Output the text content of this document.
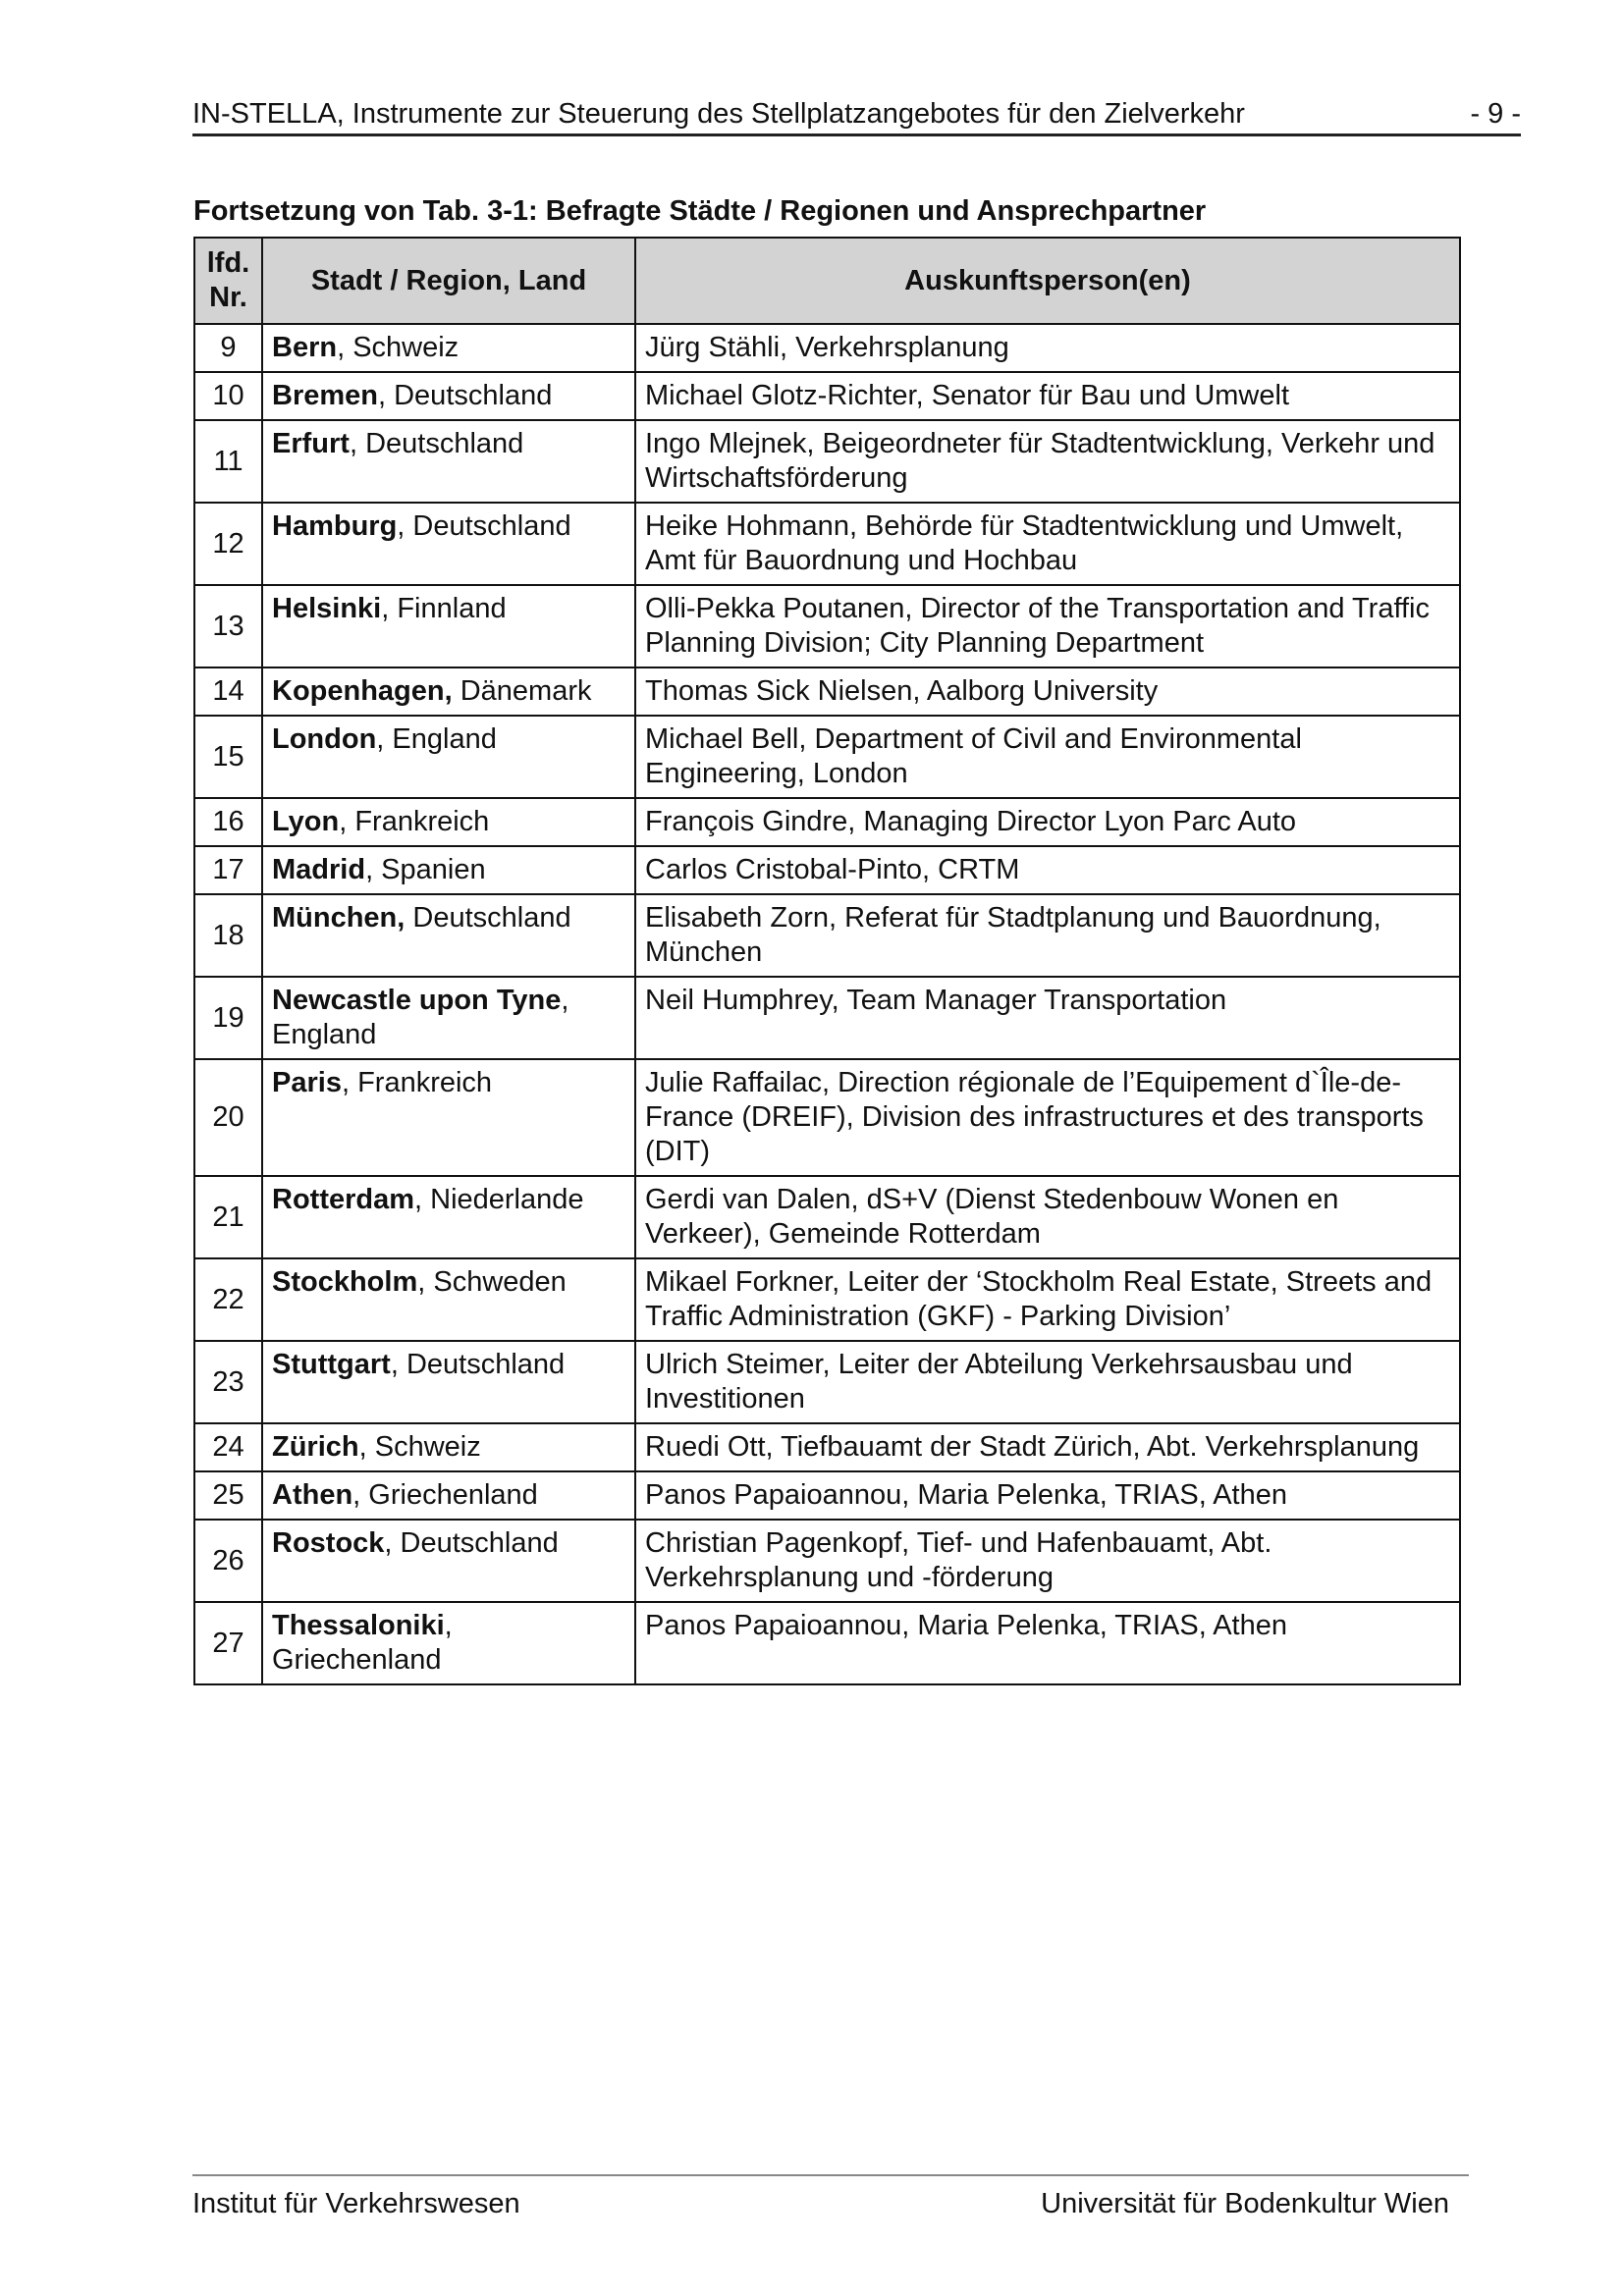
IN-STELLA, Instrumente zur Steuerung des Stellplatzangebotes für den Zielverkehr	- 9 -
Fortsetzung von Tab. 3-1: Befragte Städte / Regionen und Ansprechpartner
lfd.
Nr.	Stadt / Region, Land	Auskunftsperson(en)
9	Bern, Schweiz	Jürg Stähli, Verkehrsplanung
10	Bremen, Deutschland	Michael Glotz-Richter, Senator für Bau und Umwelt
11	Erfurt, Deutschland	Ingo Mlejnek, Beigeordneter für Stadtentwicklung, Verkehr und Wirtschaftsförderung
12	Hamburg, Deutschland	Heike Hohmann, Behörde für Stadtentwicklung und Umwelt, Amt für Bauordnung und Hochbau
13	Helsinki, Finnland	Olli-Pekka Poutanen, Director of the Transportation and Traffic Planning Division; City Planning Department
14	Kopenhagen, Dänemark	Thomas Sick Nielsen, Aalborg University
15	London, England	Michael Bell, Department of Civil and Environmental Engineering, London
16	Lyon, Frankreich	François Gindre, Managing Director Lyon Parc Auto
17	Madrid, Spanien	Carlos Cristobal-Pinto, CRTM
18	München, Deutschland	Elisabeth Zorn, Referat für Stadtplanung und Bauordnung, München
19	Newcastle upon Tyne, England	Neil Humphrey, Team Manager Transportation
20	Paris, Frankreich	Julie Raffailac, Direction régionale de l’Equipement d`Île-de-France (DREIF), Division des infrastructures et des transports (DIT)
21	Rotterdam, Niederlande	Gerdi van Dalen, dS+V (Dienst Stedenbouw Wonen en Verkeer), Gemeinde Rotterdam
22	Stockholm, Schweden	Mikael Forkner, Leiter der ‘Stockholm Real Estate, Streets and Traffic Administration (GKF) - Parking Division’
23	Stuttgart, Deutschland	Ulrich Steimer, Leiter der Abteilung Verkehrsausbau und Investitionen
24	Zürich, Schweiz	Ruedi Ott, Tiefbauamt der Stadt Zürich, Abt. Verkehrsplanung
25	Athen, Griechenland	Panos Papaioannou, Maria Pelenka, TRIAS, Athen
26	Rostock, Deutschland	Christian Pagenkopf, Tief- und Hafenbauamt, Abt. Verkehrsplanung und -förderung
27	Thessaloniki, Griechenland	Panos Papaioannou, Maria Pelenka, TRIAS, Athen
Institut für Verkehrswesen	Universität für Bodenkultur Wien
